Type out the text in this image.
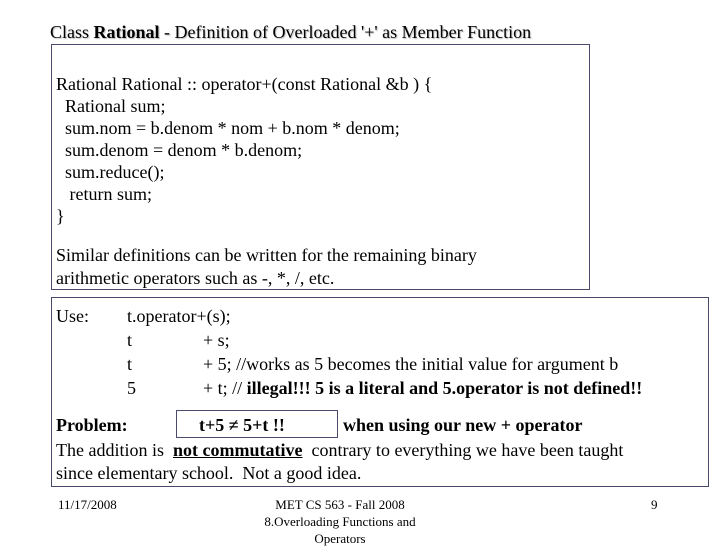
Class Rational - Definition of Overloaded '+' as Member Function

Rational Rational :: operator+(const Rational &b ) {
Rational sum;
sum.nom = b.denom * nom + b.nom * denom;
sum.denom = denom * b.denom;
sum.reduce();
return sum;
}
Similar definitions can be written for the remaining binary
arithmetic operators such as -, *, /, etc.
Use: t.operator+(s);
t	+ s;
t	+ 5; //works as 5 becomes the initial value for argument b
5	+ t; // illegal!!! 5 is a literal and 5.operator is not defined!!
Problem:	t+5 ≠ 5+t !!	when using our new + operator
The addition is  not commutative  contrary to everything we have been taught
since elementary school.  Not a good idea.
11/17/2008	MET CS 563 - Fall 2008
8.Overloading Functions and
Operators
9
